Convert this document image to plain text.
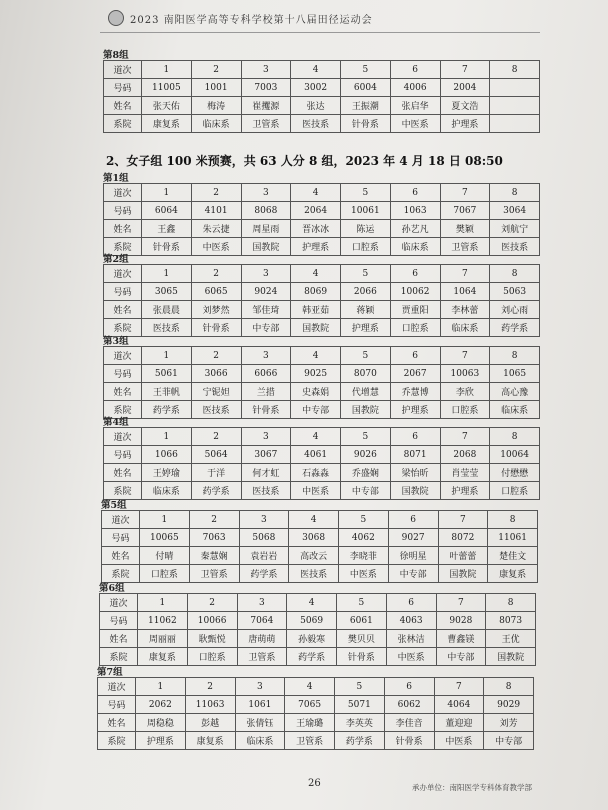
2023 南阳医学高等专科学校第十八届田径运动会
第8组
道次	1	2	3	4	5	6	7	8
号码	11005	1001	7003	3002	6004	4006	2004	
姓名	张天佑	梅涛	崔攫源	张达	王振潮	张启华	夏文浩	
系院	康复系	临床系	卫管系	医技系	针骨系	中医系	护理系	
2、女子组 100 米预赛，共 63 人分 8 组，2023 年 4 月 18 日 08:50
第1组
道次	1	2	3	4	5	6	7	8
号码	6064	4101	8068	2064	10061	1063	7067	3064
姓名	王鑫	朱云捷	周星雨	晋冰冰	陈运	孙艺凡	樊颖	刘航宁
系院	针骨系	中医系	国教院	护理系	口腔系	临床系	卫管系	医技系
第2组
道次	1	2	3	4	5	6	7	8
号码	3065	6065	9024	8069	2066	10062	1064	5063
姓名	张晨晨	刘梦然	邹佳琦	韩亚茹	蒋颖	贾重阳	李林蕾	刘心雨
系院	医技系	针骨系	中专部	国教院	护理系	口腔系	临床系	药学系
第3组
道次	1	2	3	4	5	6	7	8
号码	5061	3066	6066	9025	8070	2067	10063	1065
姓名	王菲帆	宁铌妲	兰措	史森娟	代增慧	乔慧博	李欣	高心豫
系院	药学系	医技系	针骨系	中专部	国教院	护理系	口腔系	临床系
第4组
道次	1	2	3	4	5	6	7	8
号码	1066	5064	3067	4061	9026	8071	2068	10064
姓名	王婷瑜	于洋	何才虹	石淼淼	乔盛娴	梁怡昕	肖莹莹	付懋懋
系院	临床系	药学系	医技系	中医系	中专部	国教院	护理系	口腔系
第5组
道次	1	2	3	4	5	6	7	8
号码	10065	7063	5068	3068	4062	9027	8072	11061
姓名	付晴	秦慧娴	袁岩岩	高改云	李晓菲	徐明星	叶蕾蕾	楚佳文
系院	口腔系	卫管系	药学系	医技系	中医系	中专部	国教院	康复系
第6组
道次	1	2	3	4	5	6	7	8
号码	11062	10066	7064	5069	6061	4063	9028	8073
姓名	周丽丽	耿甄悦	唐萌萌	孙毅寒	樊贝贝	张林洁	曹鑫镁	王优
系院	康复系	口腔系	卫管系	药学系	针骨系	中医系	中专部	国教院
第7组
道次	1	2	3	4	5	6	7	8
号码	2062	11063	1061	7065	5071	6062	4064	9029
姓名	周稳稳	彭越	张倩钰	王瑜璐	李英英	李佳音	董迎迎	刘芳
系院	护理系	康复系	临床系	卫管系	药学系	针骨系	中医系	中专部
26	承办单位：南阳医学专科体育教学部
